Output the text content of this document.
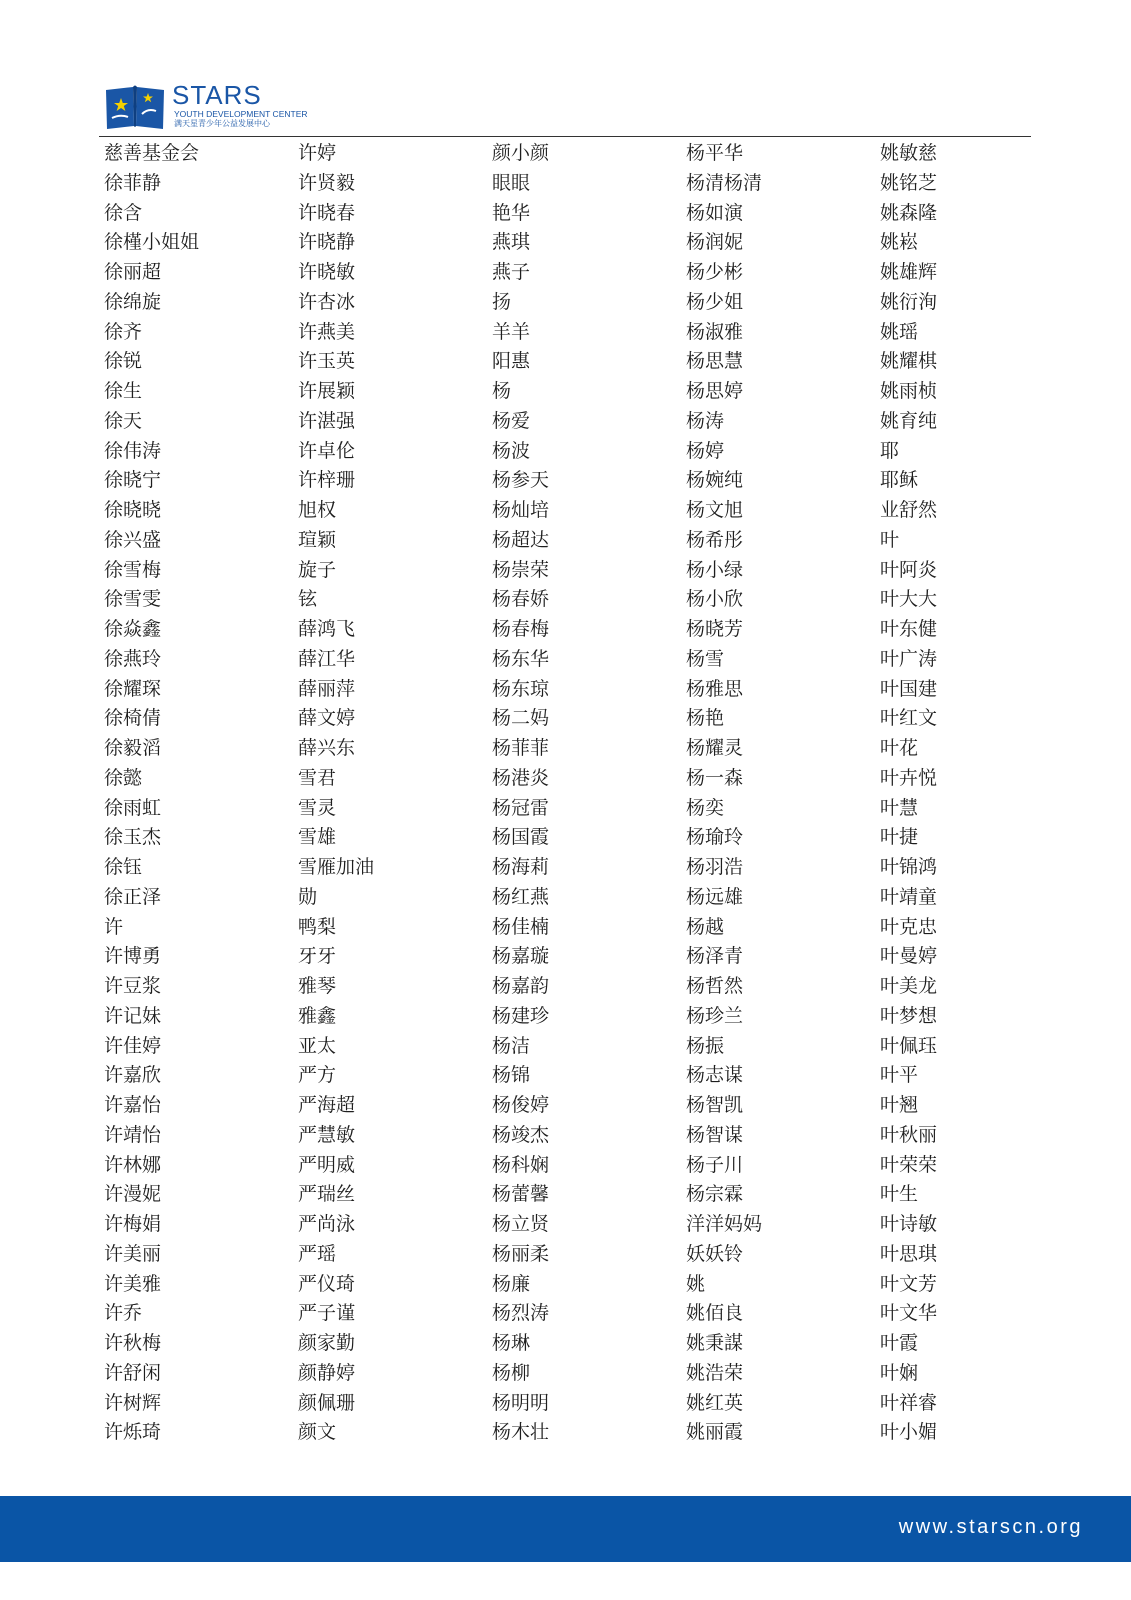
STARS
YOUTH DEVELOPMENT CENTER
满天星青少年公益发展中心
慈善基金会
徐菲静
徐含
徐槿小姐姐
徐丽超
徐绵旋
徐齐
徐锐
徐生
徐天
徐伟涛
徐晓宁
徐晓晓
徐兴盛
徐雪梅
徐雪雯
徐焱鑫
徐燕玲
徐耀琛
徐椅倩
徐毅滔
徐懿
徐雨虹
徐玉杰
徐钰
徐正泽
许
许博勇
许豆浆
许记妹
许佳婷
许嘉欣
许嘉怡
许靖怡
许林娜
许漫妮
许梅娟
许美丽
许美雅
许乔
许秋梅
许舒闲
许树辉
许烁琦
许婷
许贤毅
许晓春
许晓静
许晓敏
许杏冰
许燕美
许玉英
许展颖
许湛强
许卓伦
许梓珊
旭权
瑄颖
旋子
铉
薛鸿飞
薛江华
薛丽萍
薛文婷
薛兴东
雪君
雪灵
雪雄
雪雁加油
勋
鸭梨
牙牙
雅琴
雅鑫
亚太
严方
严海超
严慧敏
严明威
严瑞丝
严尚泳
严瑶
严仪琦
严子谨
颜家勤
颜静婷
颜佩珊
颜文
颜小颜
眼眼
艳华
燕琪
燕子
扬
羊羊
阳惠
杨
杨爱
杨波
杨参天
杨灿培
杨超达
杨崇荣
杨春娇
杨春梅
杨东华
杨东琼
杨二妈
杨菲菲
杨港炎
杨冠雷
杨国霞
杨海莉
杨红燕
杨佳楠
杨嘉璇
杨嘉韵
杨建珍
杨洁
杨锦
杨俊婷
杨竣杰
杨科娴
杨蕾馨
杨立贤
杨丽柔
杨廉
杨烈涛
杨琳
杨柳
杨明明
杨木壮
杨平华
杨清杨清
杨如演
杨润妮
杨少彬
杨少姐
杨淑雅
杨思慧
杨思婷
杨涛
杨婷
杨婉纯
杨文旭
杨希彤
杨小绿
杨小欣
杨晓芳
杨雪
杨雅思
杨艳
杨耀灵
杨一森
杨奕
杨瑜玲
杨羽浩
杨远雄
杨越
杨泽青
杨哲然
杨珍兰
杨振
杨志谋
杨智凯
杨智谋
杨子川
杨宗霖
洋洋妈妈
妖妖铃
姚
姚佰良
姚秉謀
姚浩荣
姚红英
姚丽霞
姚敏慈
姚铭芝
姚森隆
姚崧
姚雄辉
姚衍洵
姚瑶
姚耀棋
姚雨桢
姚育纯
耶
耶稣
业舒然
叶
叶阿炎
叶大大
叶东健
叶广涛
叶国建
叶红文
叶花
叶卉悦
叶慧
叶捷
叶锦鸿
叶靖童
叶克忠
叶曼婷
叶美龙
叶梦想
叶佩珏
叶平
叶翘
叶秋丽
叶荣荣
叶生
叶诗敏
叶思琪
叶文芳
叶文华
叶霞
叶娴
叶祥睿
叶小媚
www.starscn.org
